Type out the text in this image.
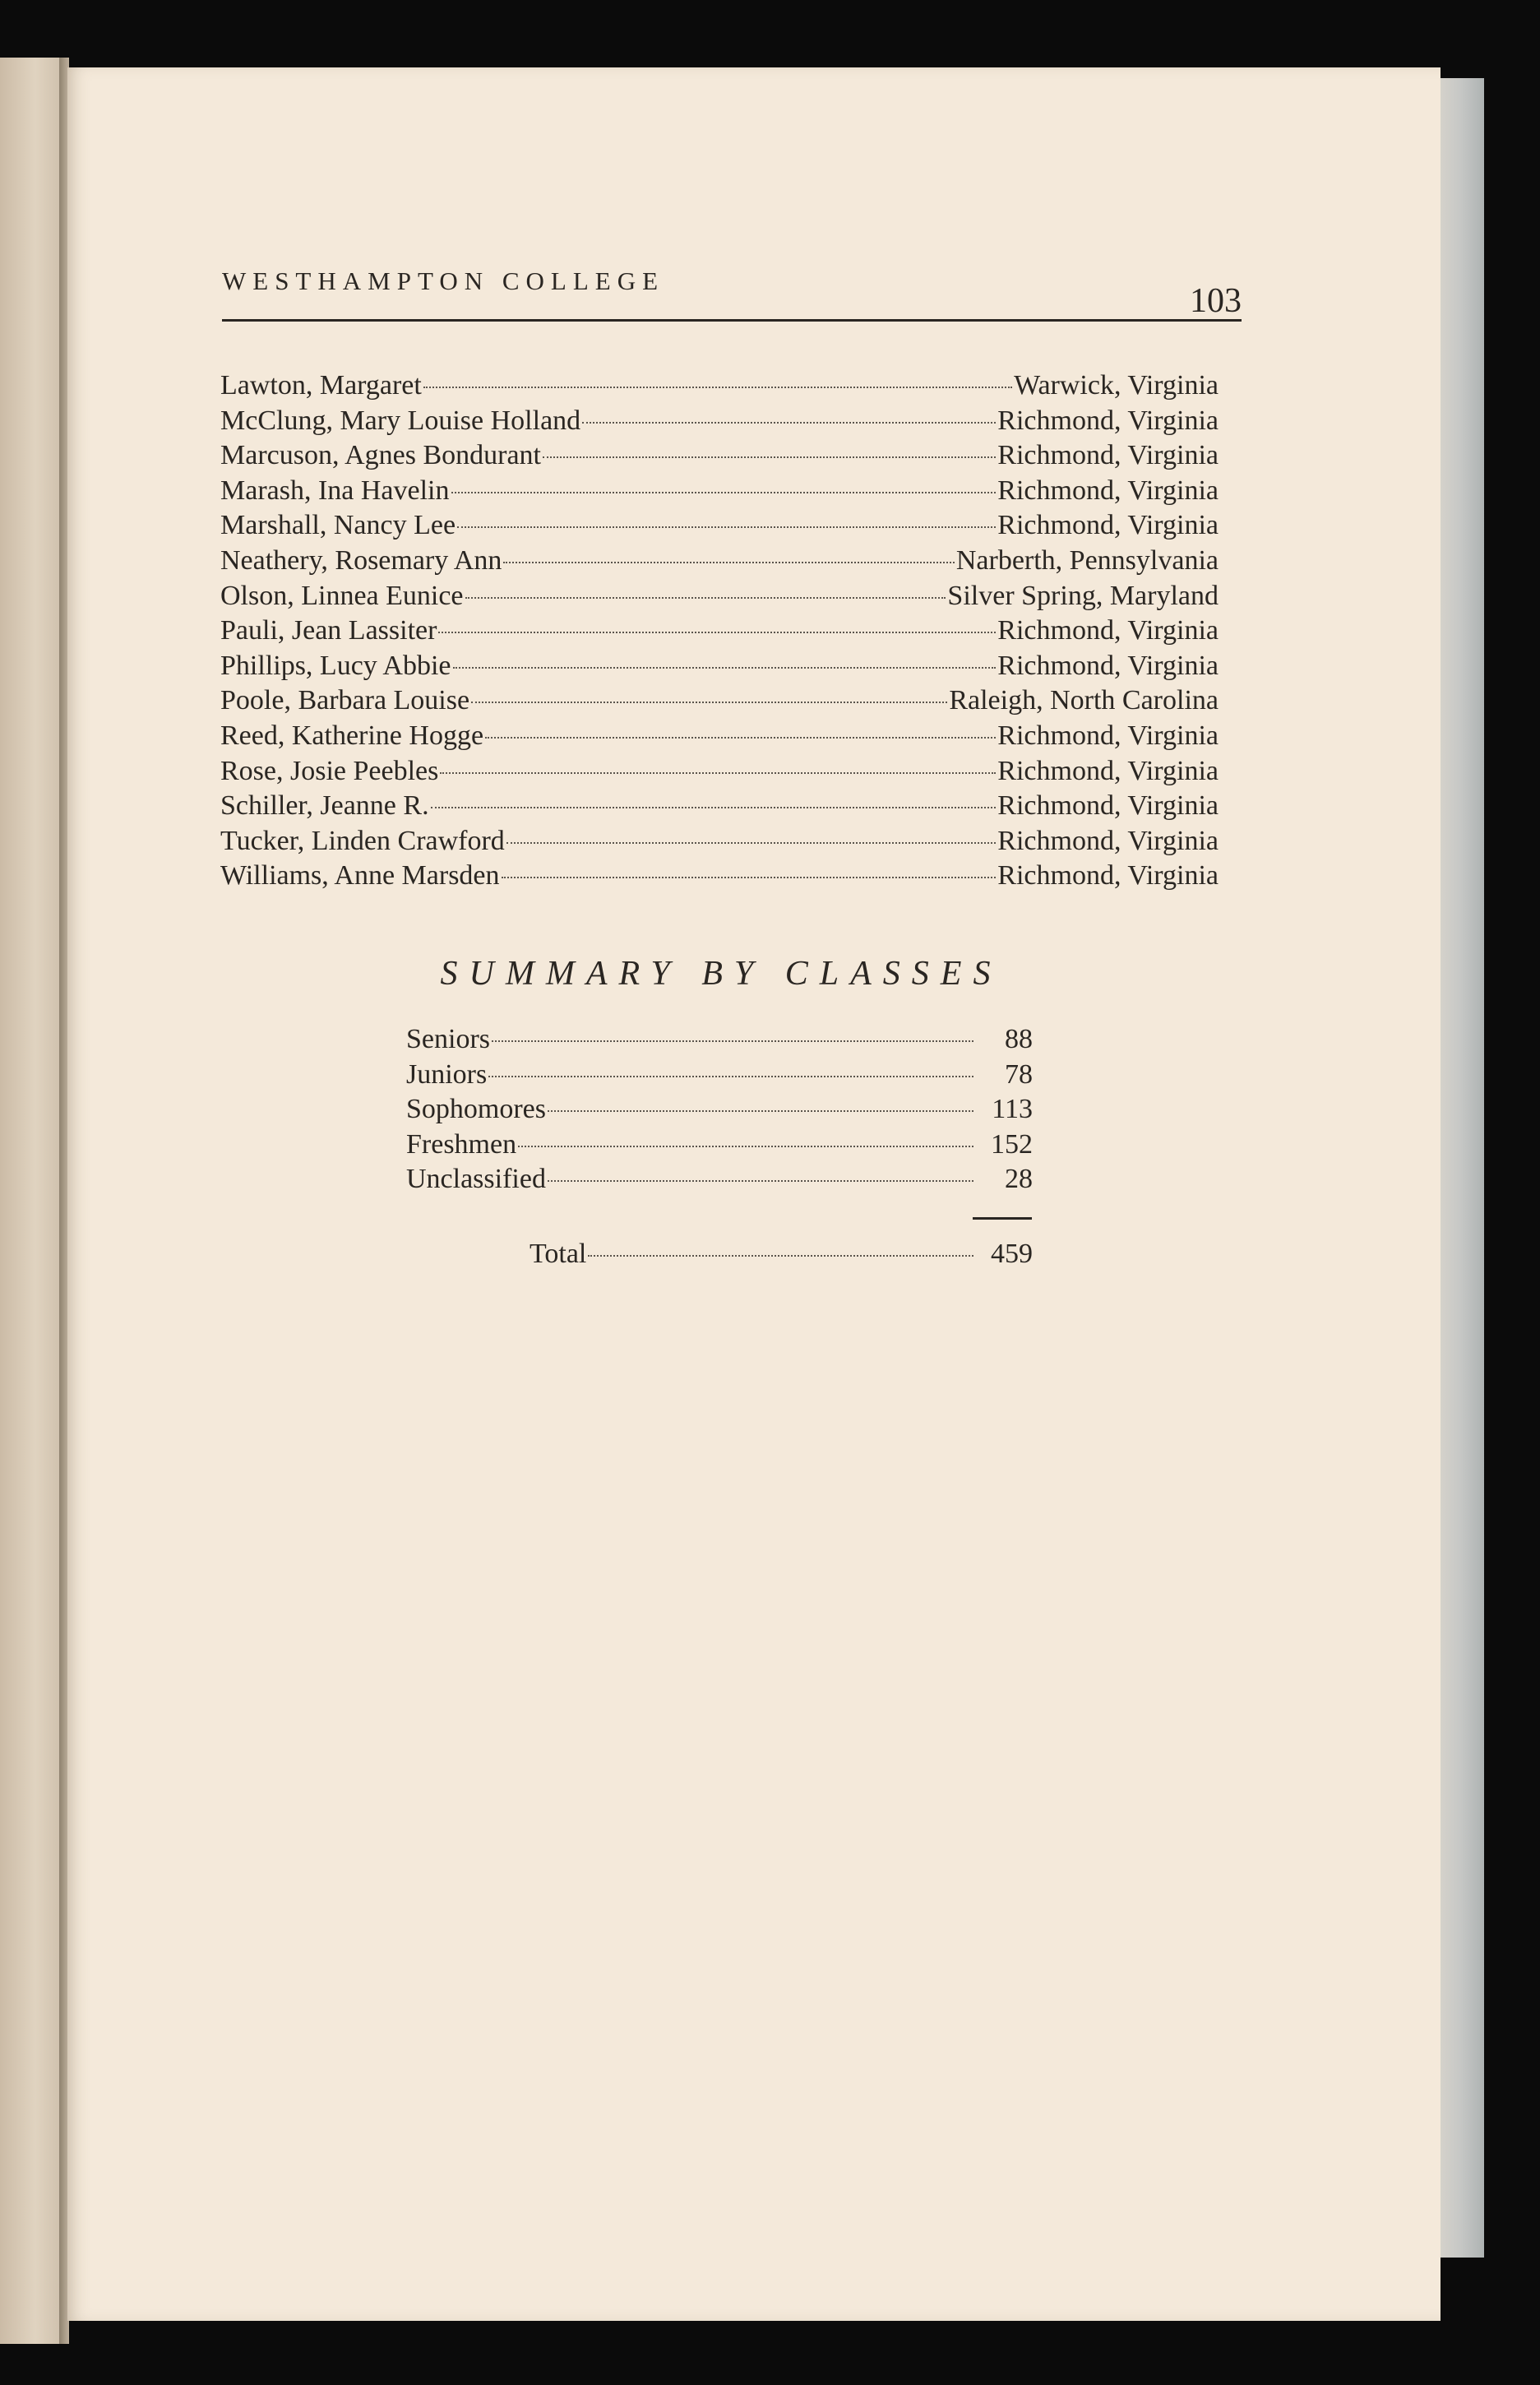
WESTHAMPTON COLLEGE
103
Lawton, Margaret	Warwick, Virginia
McClung, Mary Louise Holland	Richmond, Virginia
Marcuson, Agnes Bondurant	Richmond, Virginia
Marash, Ina Havelin	Richmond, Virginia
Marshall, Nancy Lee	Richmond, Virginia
Neathery, Rosemary Ann	Narberth, Pennsylvania
Olson, Linnea Eunice	Silver Spring, Maryland
Pauli, Jean Lassiter	Richmond, Virginia
Phillips, Lucy Abbie	Richmond, Virginia
Poole, Barbara Louise	Raleigh, North Carolina
Reed, Katherine Hogge	Richmond, Virginia
Rose, Josie Peebles	Richmond, Virginia
Schiller, Jeanne R.	Richmond, Virginia
Tucker, Linden Crawford	Richmond, Virginia
Williams, Anne Marsden	Richmond, Virginia
SUMMARY BY CLASSES
Seniors	88
Juniors	78
Sophomores	113
Freshmen	152
Unclassified	28
Total	459
